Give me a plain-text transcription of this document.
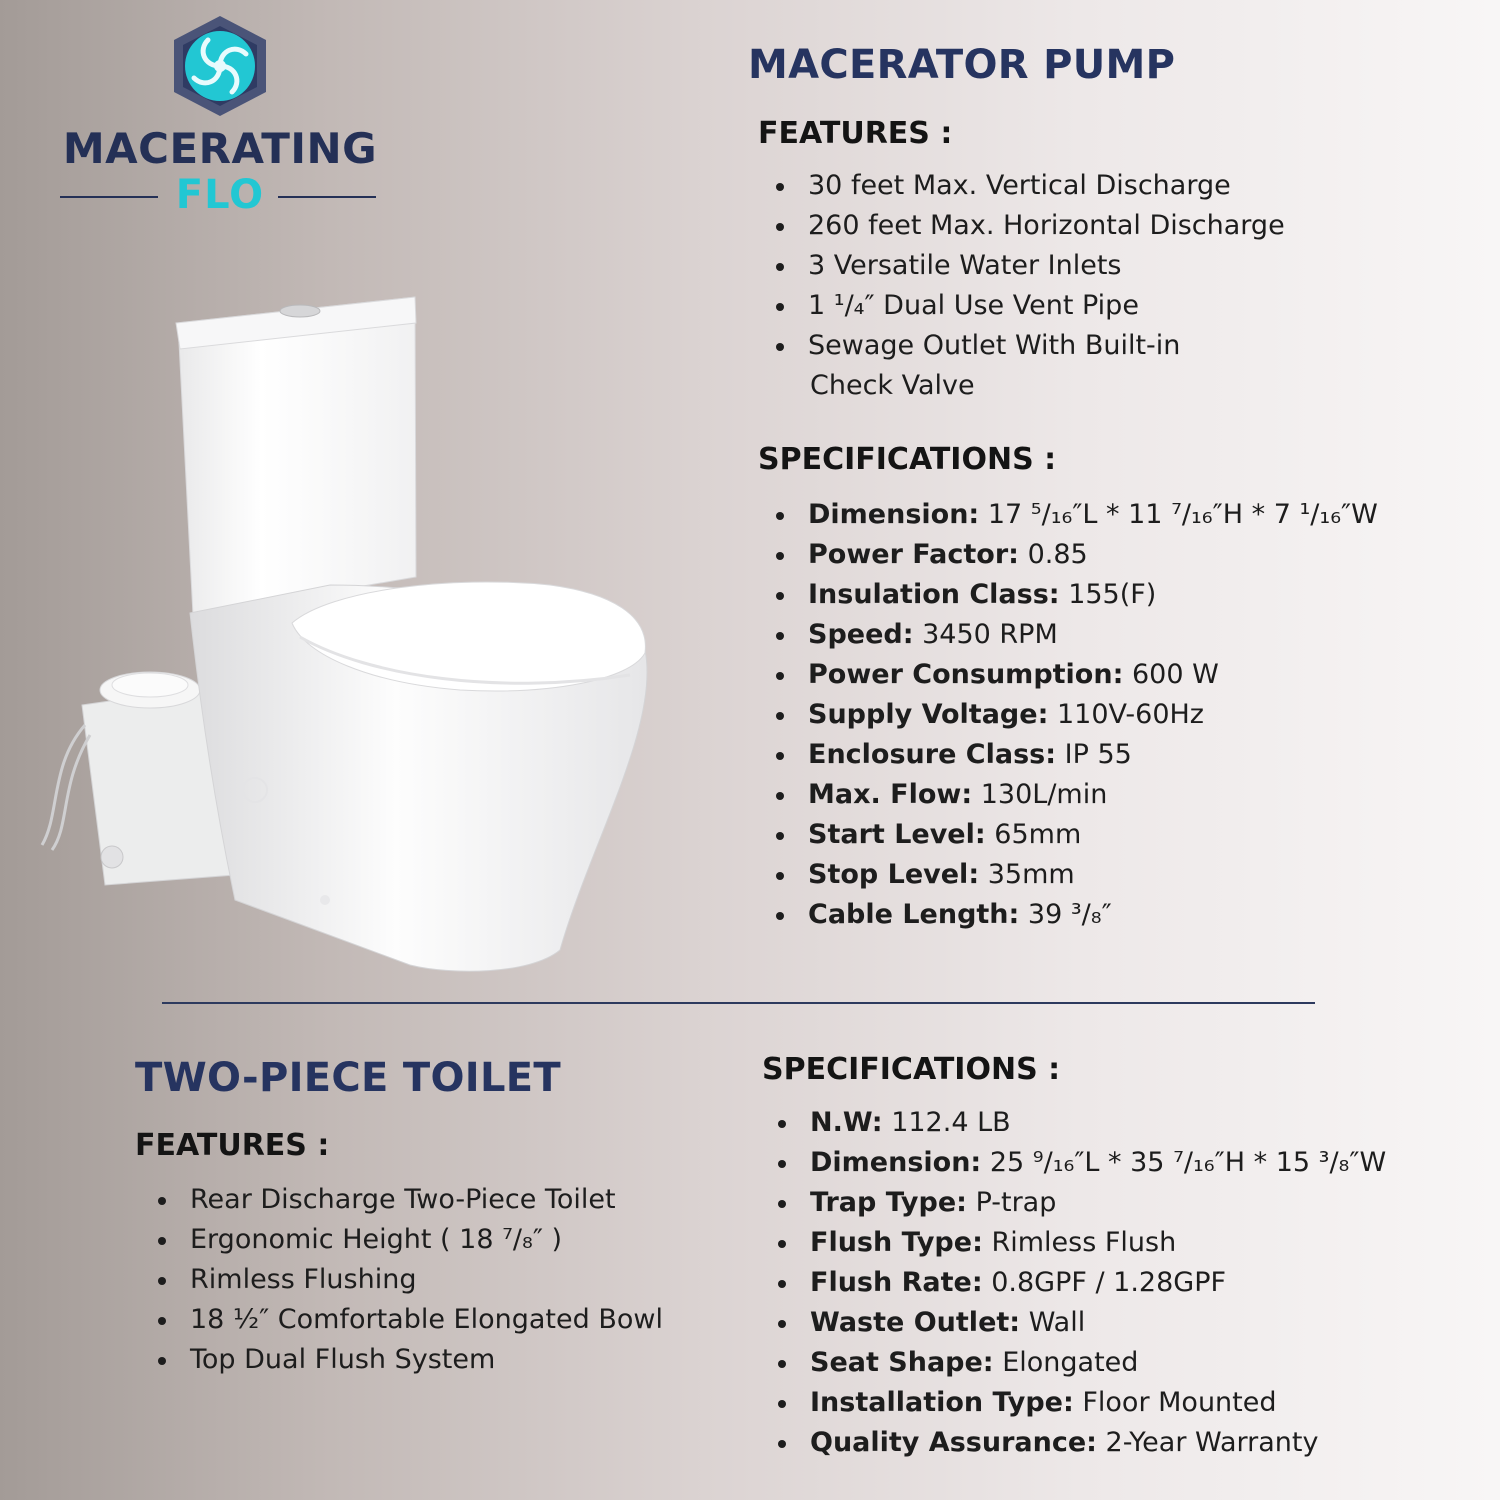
MACERATING
FLO
MACERATOR PUMP
FEATURES :
30 feet Max. Vertical Discharge
260 feet Max. Horizontal Discharge
3 Versatile Water Inlets
1 ¹/₄″ Dual Use Vent Pipe
Sewage Outlet With Built-in
Check Valve
SPECIFICATIONS :
Dimension: 17 ⁵/₁₆″L * 11 ⁷/₁₆″H * 7 ¹/₁₆″W
Power Factor: 0.85
Insulation Class: 155(F)
Speed: 3450 RPM
Power Consumption: 600 W
Supply Voltage: 110V-60Hz
Enclosure Class: IP 55
Max. Flow: 130L/min
Start Level: 65mm
Stop Level: 35mm
Cable Length: 39 ³/₈″
TWO-PIECE TOILET
FEATURES :
Rear Discharge Two-Piece Toilet
Ergonomic Height ( 18 ⁷/₈″ )
Rimless Flushing
18 ½″ Comfortable Elongated Bowl
Top Dual Flush System
SPECIFICATIONS :
N.W: 112.4 LB
Dimension: 25 ⁹/₁₆″L * 35 ⁷/₁₆″H * 15 ³/₈″W
Trap Type: P-trap
Flush Type: Rimless Flush
Flush Rate: 0.8GPF / 1.28GPF
Waste Outlet: Wall
Seat Shape: Elongated
Installation Type: Floor Mounted
Quality Assurance: 2-Year Warranty
